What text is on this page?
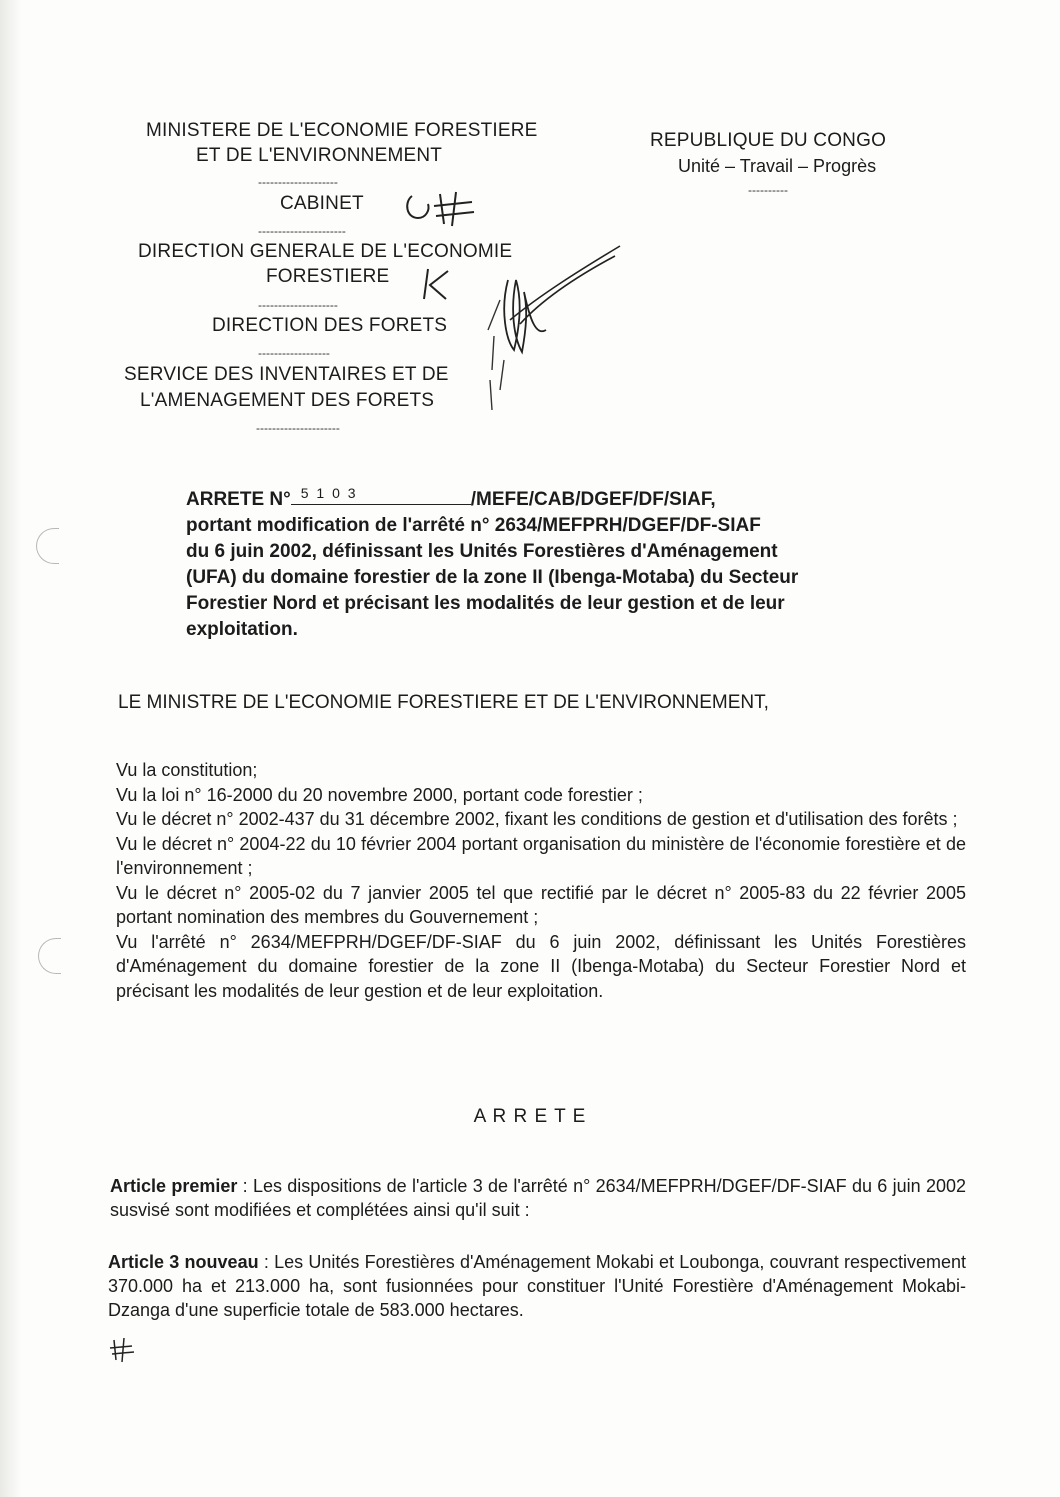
MINISTERE DE L'ECONOMIE FORESTIERE
ET DE L'ENVIRONNEMENT
--------------------
CABINET
----------------------
DIRECTION GENERALE DE L'ECONOMIE
FORESTIERE
--------------------
DIRECTION DES FORETS
------------------
SERVICE DES INVENTAIRES ET DE
L'AMENAGEMENT DES FORETS
---------------------
REPUBLIQUE DU CONGO
Unité – Travail – Progrès
----------
ARRETE N° 5 1 0 3	/MEFE/CAB/DGEF/DF/SIAF,
portant modification de l'arrêté n° 2634/MEFPRH/DGEF/DF-SIAF
du 6 juin 2002, définissant les Unités Forestières d'Aménagement
(UFA) du domaine forestier de la zone II (Ibenga-Motaba) du Secteur
Forestier Nord et précisant les modalités de leur gestion et de leur
exploitation.
LE MINISTRE DE L'ECONOMIE FORESTIERE ET DE L'ENVIRONNEMENT,

Vu la constitution;

Vu la loi n° 16-2000 du 20 novembre 2000, portant code forestier ;

Vu le décret n° 2002-437 du 31 décembre 2002, fixant les conditions de gestion et d'utilisation des forêts ;

Vu le décret n° 2004-22 du 10 février 2004 portant organisation du ministère de l'économie forestière et de l'environnement ;

Vu le décret n° 2005-02 du 7 janvier 2005 tel que rectifié par le décret n° 2005-83 du 22 février 2005 portant nomination des membres du Gouvernement ;

Vu l'arrêté n° 2634/MEFPRH/DGEF/DF-SIAF du 6 juin 2002, définissant les Unités Forestières d'Aménagement du domaine forestier de la zone II (Ibenga-Motaba) du Secteur Forestier Nord et précisant les modalités de leur gestion et de leur exploitation.

A R R E T E
Article premier : Les dispositions de l'article 3 de l'arrêté n° 2634/MEFPRH/DGEF/DF-SIAF du 6 juin 2002 susvisé sont modifiées et complétées ainsi qu'il suit :
Article 3 nouveau : Les Unités Forestières d'Aménagement Mokabi et Loubonga, couvrant respectivement 370.000 ha et 213.000 ha, sont fusionnées pour constituer l'Unité Forestière d'Aménagement Mokabi-Dzanga d'une superficie totale de 583.000 hectares.
